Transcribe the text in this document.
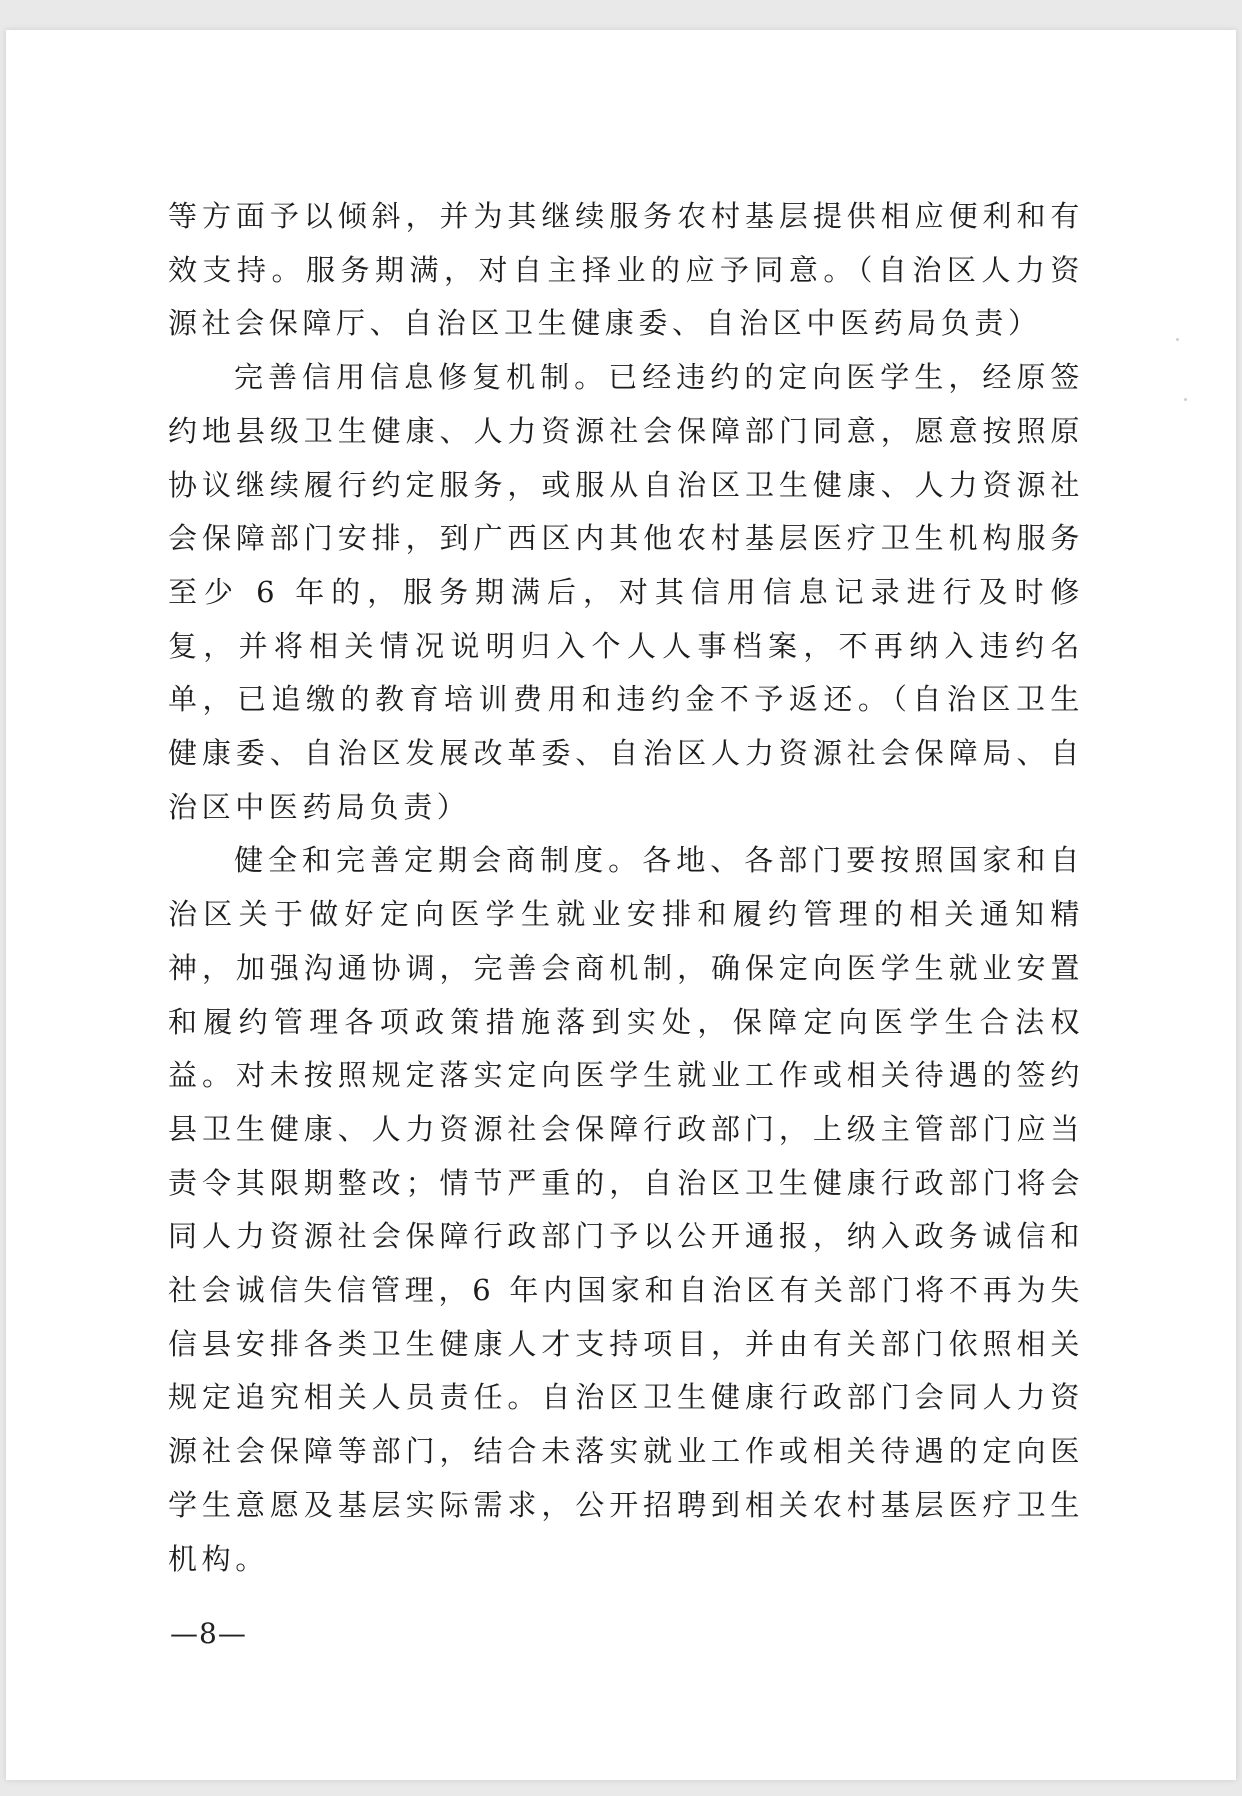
等方面予以倾斜，并为其继续服务农村基层提供相应便利和有效支持。服务期满，对自主择业的应予同意。（自治区人力资源社会保障厅、自治区卫生健康委、自治区中医药局负责）

完善信用信息修复机制。已经违约的定向医学生，经原签约地县级卫生健康、人力资源社会保障部门同意，愿意按照原协议继续履行约定服务，或服从自治区卫生健康、人力资源社会保障部门安排，到广西区内其他农村基层医疗卫生机构服务至少 6 年的，服务期满后，对其信用信息记录进行及时修复，并将相关情况说明归入个人人事档案，不再纳入违约名单，已追缴的教育培训费用和违约金不予返还。（自治区卫生健康委、自治区发展改革委、自治区人力资源社会保障局、自治区中医药局负责）

健全和完善定期会商制度。各地、各部门要按照国家和自治区关于做好定向医学生就业安排和履约管理的相关通知精神，加强沟通协调，完善会商机制，确保定向医学生就业安置和履约管理各项政策措施落到实处，保障定向医学生合法权益。对未按照规定落实定向医学生就业工作或相关待遇的签约县卫生健康、人力资源社会保障行政部门，上级主管部门应当责令其限期整改；情节严重的，自治区卫生健康行政部门将会同人力资源社会保障行政部门予以公开通报，纳入政务诚信和社会诚信失信管理，6 年内国家和自治区有关部门将不再为失信县安排各类卫生健康人才支持项目，并由有关部门依照相关规定追究相关人员责任。自治区卫生健康行政部门会同人力资源社会保障等部门，结合未落实就业工作或相关待遇的定向医学生意愿及基层实际需求，公开招聘到相关农村基层医疗卫生机构。

—8—
